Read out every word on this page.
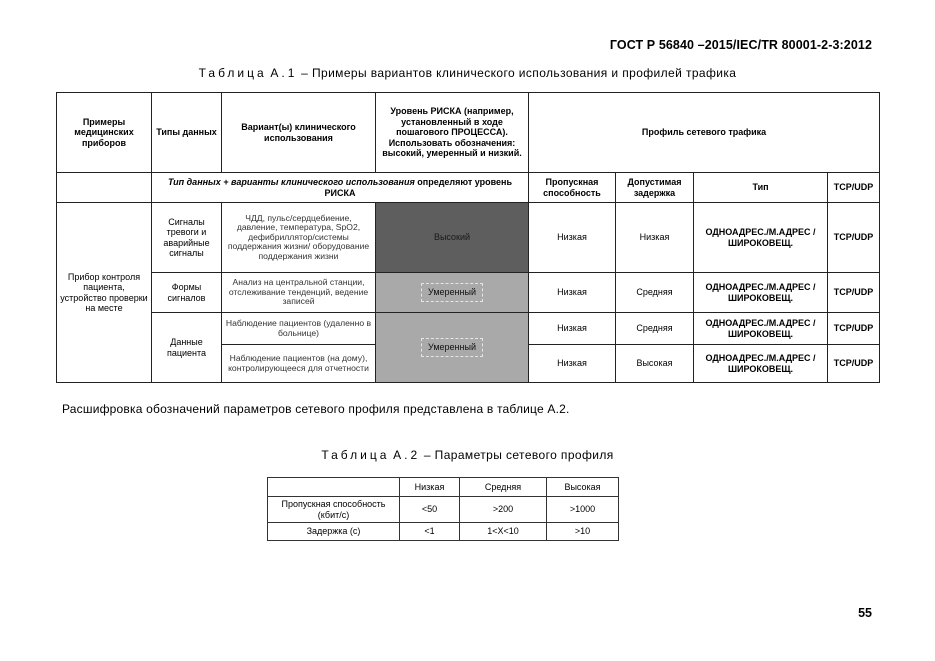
ГОСТ Р 56840 –2015/IEC/TR 80001-2-3:2012
Таблица А.1 – Примеры вариантов клинического использования и профилей трафика
Примеры медицинских приборов	Типы данных	Вариант(ы) клинического использования	Уровень РИСКА (например, установленный в ходе пошагового ПРОЦЕССА). Использовать обозначения: высокий, умеренный и низкий.	Профиль сетевого трафика			
	Тип данных + варианты клинического использования определяют уровень РИСКА			Пропускная способность	Допустимая задержка	Тип	TCP/UDP
Прибор контроля пациента, устройство проверки на месте	Сигналы тревоги и аварийные сигналы	ЧДД, пульс/сердцебиение, давление, температура, SpO2, дефибриллятор/системы поддержания жизни/ оборудование поддержания жизни	Высокий	Низкая	Низкая	ОДНОАДРЕС./М.АДРЕС / ШИРОКОВЕЩ.	TCP/UDP
	Формы сигналов	Анализ на центральной станции, отслеживание тенденций, ведение записей	Умеренный	Низкая	Средняя	ОДНОАДРЕС./М.АДРЕС / ШИРОКОВЕЩ.	TCP/UDP
	Данные пациента	Наблюдение пациентов (удаленно в больнице)	Умеренный	Низкая	Средняя	ОДНОАДРЕС./М.АДРЕС / ШИРОКОВЕЩ.	TCP/UDP
		Наблюдение пациентов (на дому), контролирующееся для отчетности		Низкая	Высокая	ОДНОАДРЕС./М.АДРЕС / ШИРОКОВЕЩ.	TCP/UDP
Расшифровка обозначений параметров сетевого профиля представлена в таблице А.2.
Таблица А.2 – Параметры сетевого профиля
	Низкая	Средняя	Высокая
Пропускная способность (кбит/с)	<50	>200	>1000
Задержка (с)	<1	1<X<10	>10
55
